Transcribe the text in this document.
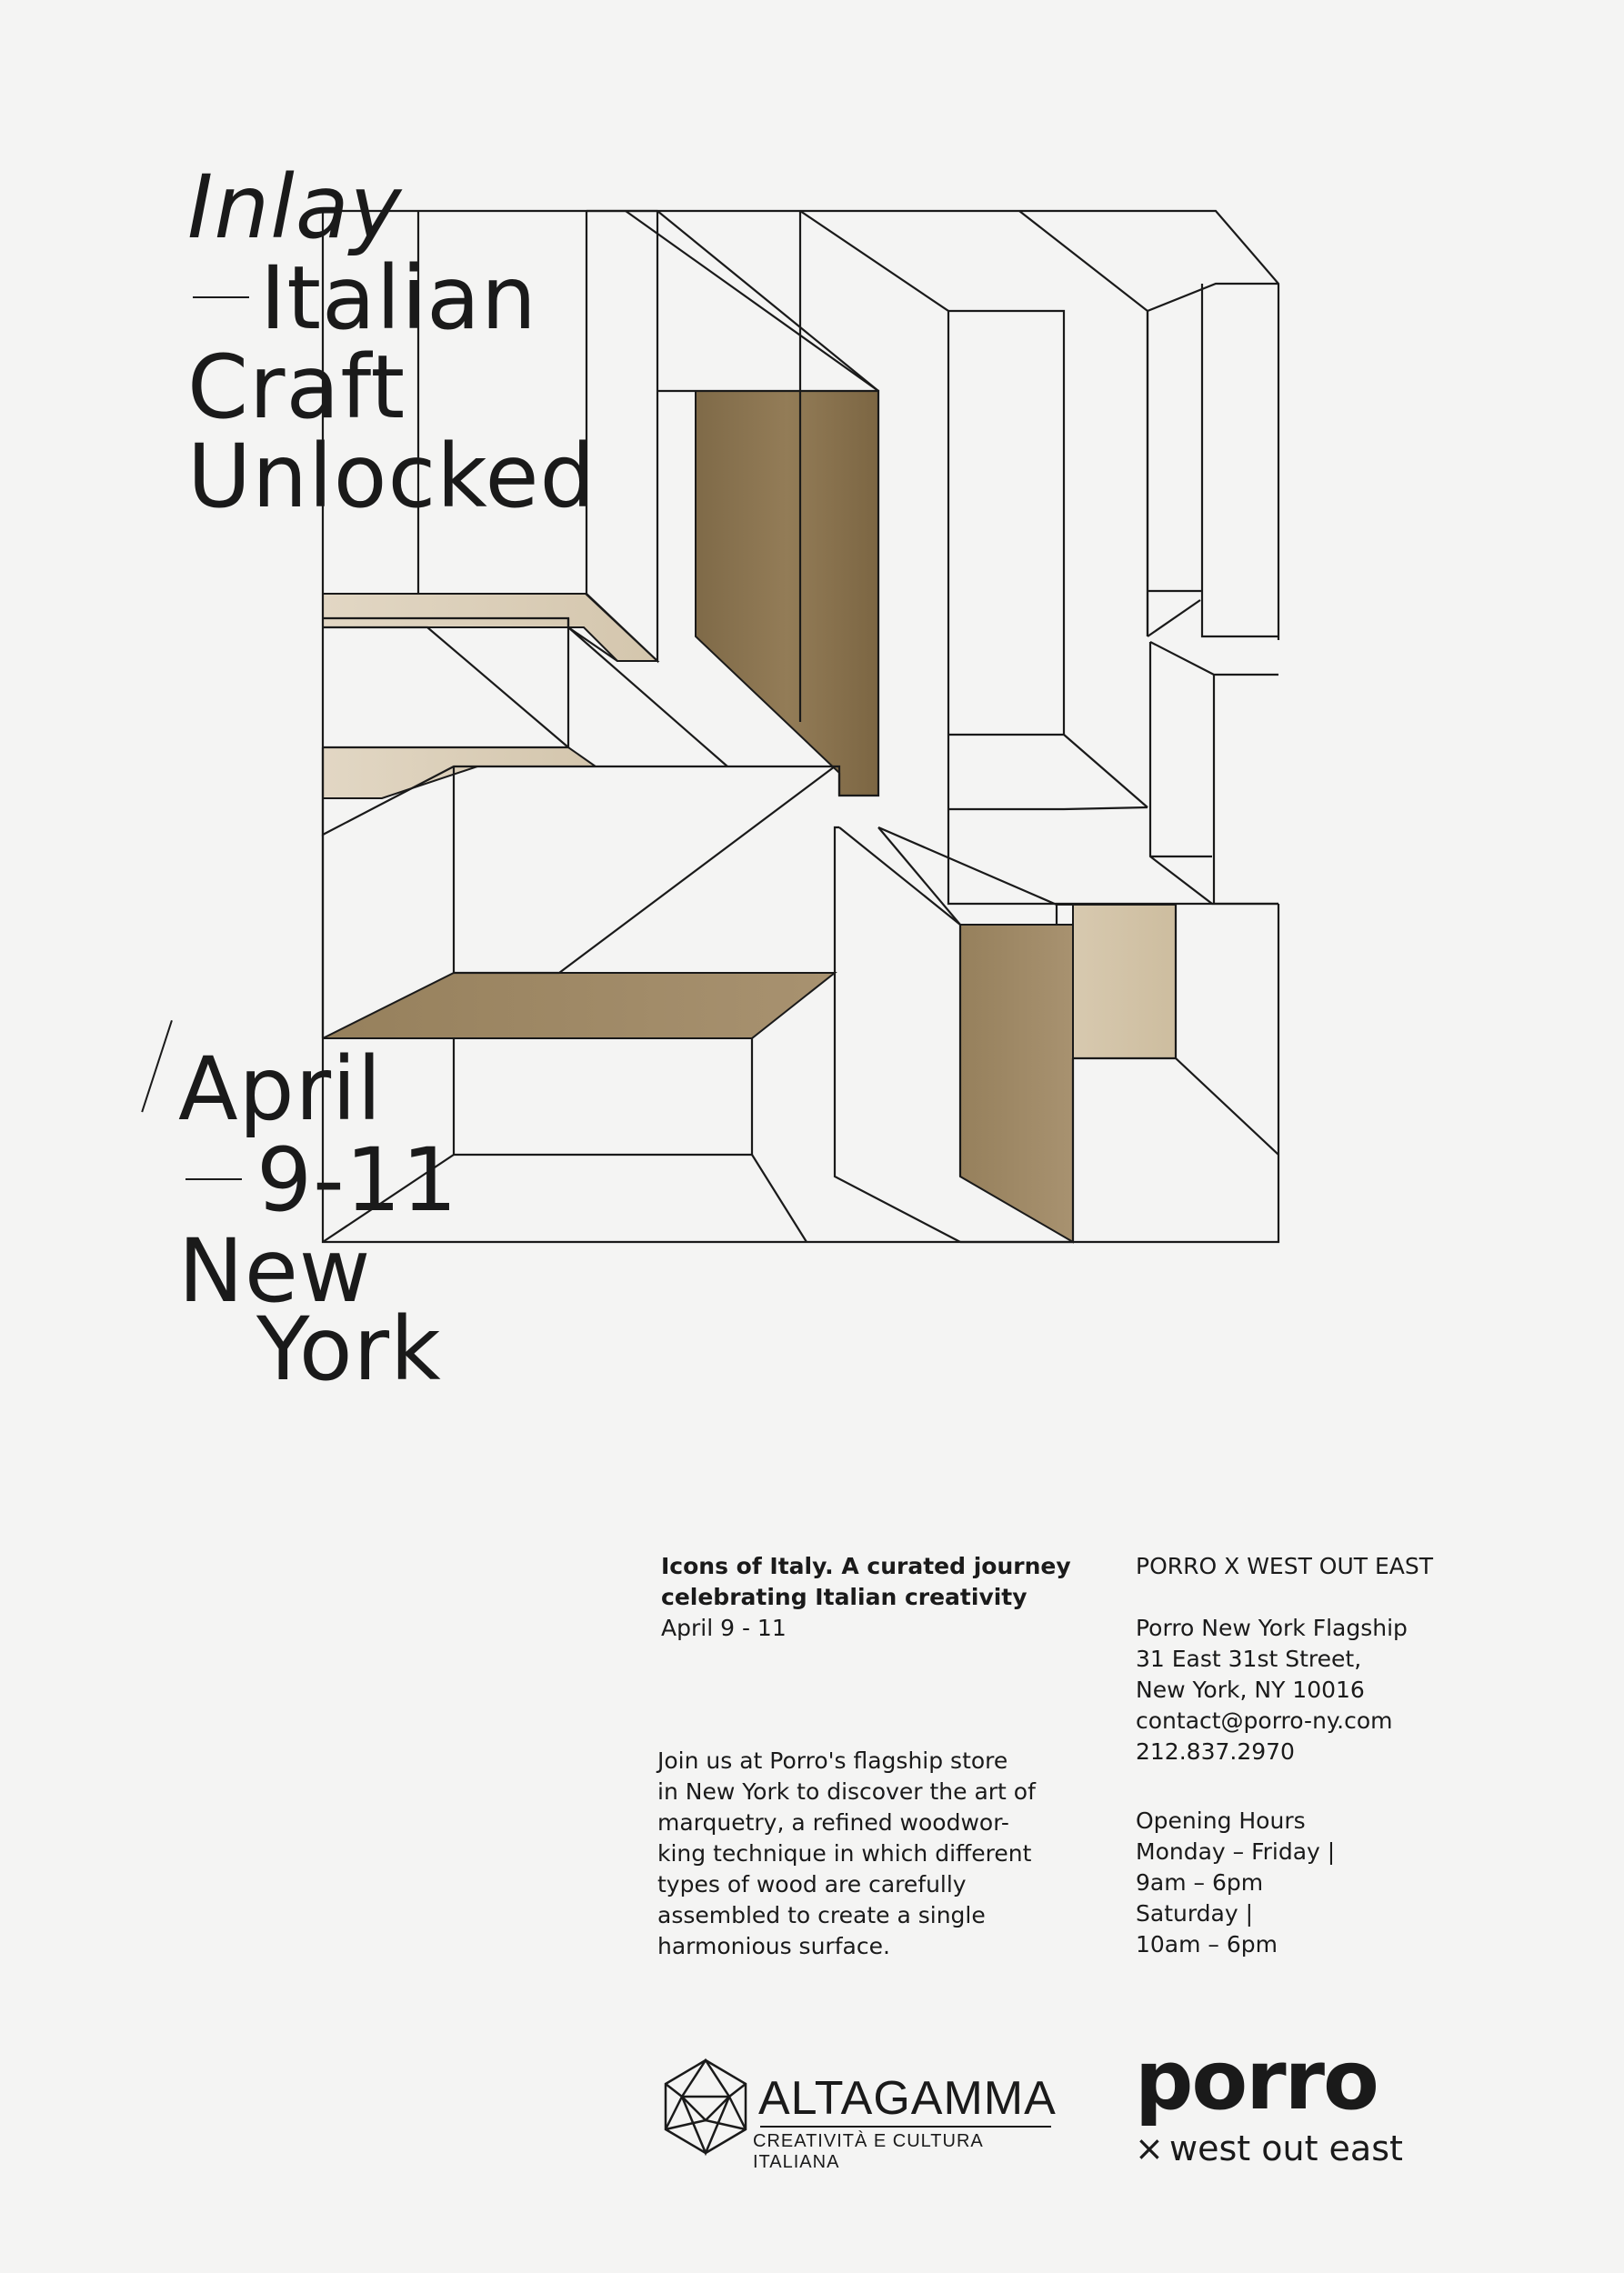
Inlay
Italian
Craft
Unlocked
April
9-11
New
York
Icons of Italy. A curated journey
celebrating Italian creativity
April 9 - 11
Join us at Porro's flagship store
in New York to discover the art of
marquetry, a refined woodwor-
king technique in which different
types of wood are carefully
assembled to create a single
harmonious surface.
PORRO X WEST OUT EAST
Porro New York Flagship
31 East 31st Street,
New York, NY 10016
contact@porro-ny.com
212.837.2970
Opening Hours
Monday – Friday |
9am – 6pm
Saturday |
10am – 6pm
ALTAGAMMA
CREATIVITÀ E CULTURA ITALIANA
porro
× west out east
